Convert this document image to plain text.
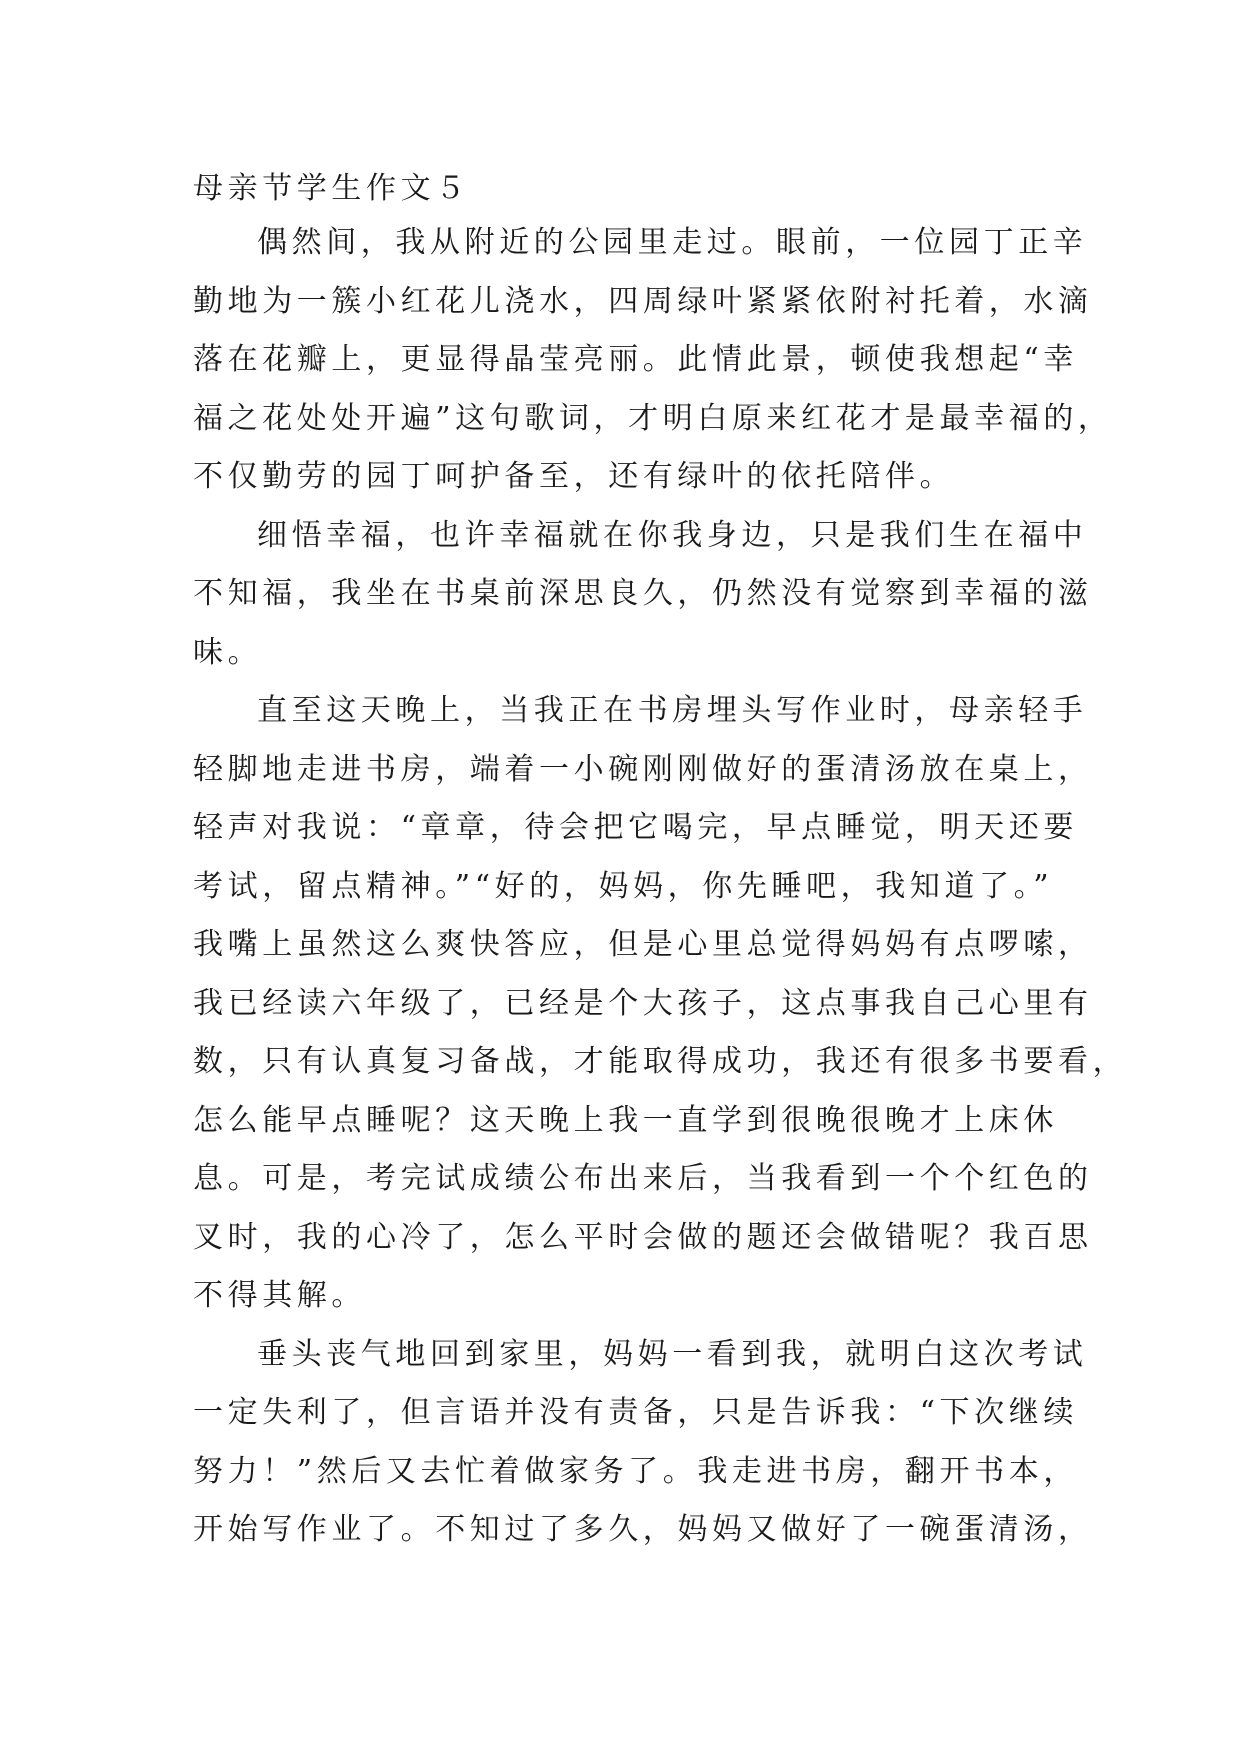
母亲节学生作文５
偶然间，我从附近的公园里走过。眼前，一位园丁正辛
勤地为一簇小红花儿浇水，四周绿叶紧紧依附衬托着，水滴
落在花瓣上，更显得晶莹亮丽。此情此景，顿使我想起“幸
福之花处处开遍”这句歌词，才明白原来红花才是最幸福的，
不仅勤劳的园丁呵护备至，还有绿叶的依托陪伴。
细悟幸福，也许幸福就在你我身边，只是我们生在福中
不知福，我坐在书桌前深思良久，仍然没有觉察到幸福的滋
味。
直至这天晚上，当我正在书房埋头写作业时，母亲轻手
轻脚地走进书房，端着一小碗刚刚做好的蛋清汤放在桌上，
轻声对我说：“章章，待会把它喝完，早点睡觉，明天还要
考试，留点精神。”“好的，妈妈，你先睡吧，我知道了。”
我嘴上虽然这么爽快答应，但是心里总觉得妈妈有点啰嗦，
我已经读六年级了，已经是个大孩子，这点事我自己心里有
数，只有认真复习备战，才能取得成功，我还有很多书要看，
怎么能早点睡呢？这天晚上我一直学到很晚很晚才上床休
息。可是，考完试成绩公布出来后，当我看到一个个红色的
叉时，我的心冷了，怎么平时会做的题还会做错呢？我百思
不得其解。
垂头丧气地回到家里，妈妈一看到我，就明白这次考试
一定失利了，但言语并没有责备，只是告诉我：“下次继续
努力！”然后又去忙着做家务了。我走进书房，翻开书本，
开始写作业了。不知过了多久，妈妈又做好了一碗蛋清汤，
